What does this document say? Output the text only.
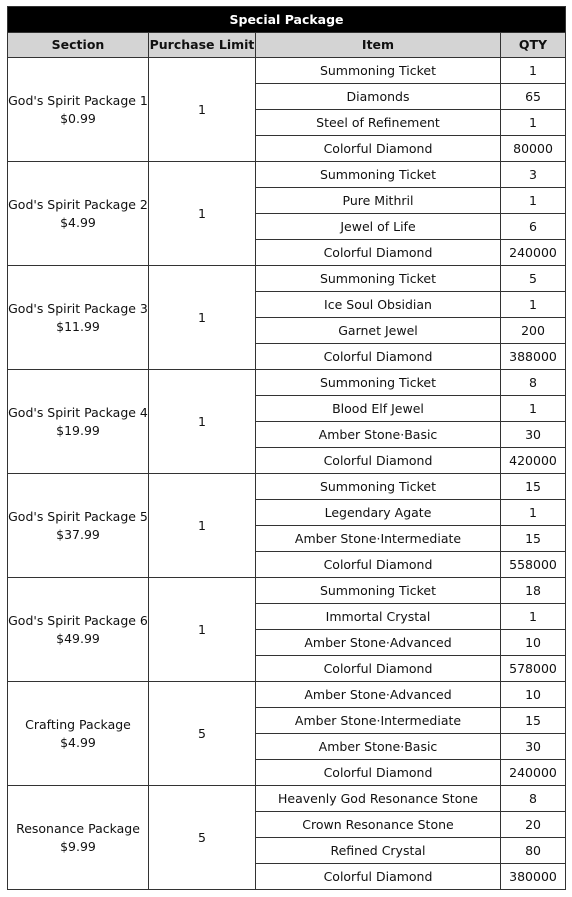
Special Package			
Section	Purchase Limit	Item	QTY

God's Spirit Package 1
$0.99	1	Summoning Ticket	1
		Diamonds	65
		Steel of Refinement	1
		Colorful Diamond	80000

God's Spirit Package 2
$4.99	1	Summoning Ticket	3
		Pure Mithril	1
		Jewel of Life	6
		Colorful Diamond	240000

God's Spirit Package 3
$11.99	1	Summoning Ticket	5
		Ice Soul Obsidian	1
		Garnet Jewel	200
		Colorful Diamond	388000

God's Spirit Package 4
$19.99	1	Summoning Ticket	8
		Blood Elf Jewel	1
		Amber Stone·Basic	30
		Colorful Diamond	420000

God's Spirit Package 5
$37.99	1	Summoning Ticket	15
		Legendary Agate	1
		Amber Stone·Intermediate	15
		Colorful Diamond	558000

God's Spirit Package 6
$49.99	1	Summoning Ticket	18
		Immortal Crystal	1
		Amber Stone·Advanced	10
		Colorful Diamond	578000

Crafting Package
$4.99	5	Amber Stone·Advanced	10
		Amber Stone·Intermediate	15
		Amber Stone·Basic	30
		Colorful Diamond	240000

Resonance Package
$9.99	5	Heavenly God Resonance Stone	8
		Crown Resonance Stone	20
		Refined Crystal	80
		Colorful Diamond	380000
